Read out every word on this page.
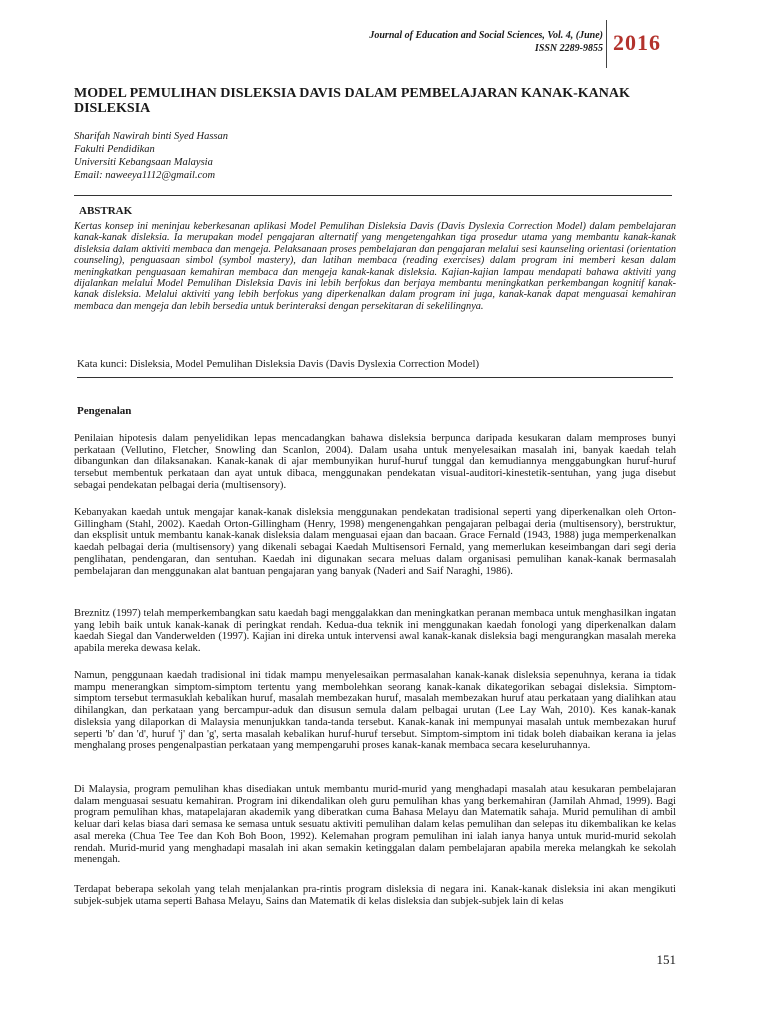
Journal of Education and Social Sciences, Vol. 4, (June)
ISSN 2289-9855 2016
MODEL PEMULIHAN DISLEKSIA DAVIS DALAM PEMBELAJARAN KANAK-KANAK DISLEKSIA
Sharifah Nawirah binti Syed Hassan
Fakulti Pendidikan
Universiti Kebangsaan Malaysia
Email: naweeya1112@gmail.com
ABSTRAK

Kertas konsep ini meninjau keberkesanan aplikasi Model Pemulihan Disleksia Davis (Davis Dyslexia Correction Model) dalam pembelajaran kanak-kanak disleksia. Ia merupakan model pengajaran alternatif yang mengetengahkan tiga prosedur utama yang membantu kanak-kanak disleksia dalam aktiviti membaca dan mengeja. Pelaksanaan proses pembelajaran dan pengajaran melalui sesi kaunseling orientasi (orientation counseling), penguasaan simbol (symbol mastery), dan latihan membaca (reading exercises) dalam program ini memberi kesan dalam meningkatkan penguasaan kemahiran membaca dan mengeja kanak-kanak disleksia. Kajian-kajian lampau mendapati bahawa aktiviti yang dijalankan melalui Model Pemulihan Disleksia Davis ini lebih berfokus dan berjaya membantu meningkatkan perkembangan kognitif kanak-kanak disleksia. Melalui aktiviti yang lebih berfokus yang diperkenalkan dalam program ini juga, kanak-kanak dapat menguasai kemahiran membaca dan mengeja dan lebih bersedia untuk berinteraksi dengan persekitaran di sekelilingnya.

Kata kunci: Disleksia, Model Pemulihan Disleksia Davis (Davis Dyslexia Correction Model)

Pengenalan

Penilaian hipotesis dalam penyelidikan lepas mencadangkan bahawa disleksia berpunca daripada kesukaran dalam memproses bunyi perkataan (Vellutino, Fletcher, Snowling dan Scanlon, 2004). Dalam usaha untuk menyelesaikan masalah ini, banyak kaedah telah dibangunkan dan dilaksanakan. Kanak-kanak di ajar membunyikan huruf-huruf tunggal dan kemudiannya menggabungkan huruf-huruf tersebut membentuk perkataan dan ayat untuk dibaca, menggunakan pendekatan visual-auditori-kinestetik-sentuhan, yang juga disebut sebagai pendekatan pelbagai deria (multisensory).

Kebanyakan kaedah untuk mengajar kanak-kanak disleksia menggunakan pendekatan tradisional seperti yang diperkenalkan oleh Orton-Gillingham (Stahl, 2002). Kaedah Orton-Gillingham (Henry, 1998) mengenengahkan pengajaran pelbagai deria (multisensory), berstruktur, dan eksplisit untuk membantu kanak-kanak disleksia dalam menguasai ejaan dan bacaan. Grace Fernald (1943, 1988) juga memperkenalkan kaedah pelbagai deria (multisensory) yang dikenali sebagai Kaedah Multisensori Fernald, yang memerlukan keseimbangan dari segi deria penglihatan, pendengaran, dan sentuhan. Kaedah ini digunakan secara meluas dalam organisasi pemulihan kanak-kanak bermasalah pembelajaran dan menggunakan alat bantuan pengajaran yang banyak (Naderi and Saif Naraghi, 1986).

Breznitz (1997) telah memperkembangkan satu kaedah bagi menggalakkan dan meningkatkan peranan membaca untuk menghasilkan ingatan yang lebih baik untuk kanak-kanak di peringkat rendah. Kedua-dua teknik ini menggunakan kaedah fonologi yang diperkenalkan dalam kaedah Siegal dan Vanderwelden (1997). Kajian ini direka untuk intervensi awal kanak-kanak disleksia bagi mengurangkan masalah mereka apabila mereka dewasa kelak.

Namun, penggunaan kaedah tradisional ini tidak mampu menyelesaikan permasalahan kanak-kanak disleksia sepenuhnya, kerana ia tidak mampu menerangkan simptom-simptom tertentu yang membolehkan seorang kanak-kanak dikategorikan sebagai disleksia. Simptom-simptom tersebut termasuklah kebalikan huruf, masalah membezakan huruf, masalah membezakan huruf atau perkataan yang dialihkan atau dihilangkan, dan perkataan yang bercampur-aduk dan disusun semula dalam pelbagai urutan (Lee Lay Wah, 2010). Kes kanak-kanak disleksia yang dilaporkan di Malaysia menunjukkan tanda-tanda tersebut. Kanak-kanak ini mempunyai masalah untuk membezakan huruf seperti 'b' dan 'd', huruf 'j' dan 'g', serta masalah kebalikan huruf-huruf tersebut. Simptom-simptom ini tidak boleh diabaikan kerana ia jelas menghalang proses pengenalpastian perkataan yang mempengaruhi proses kanak-kanak membaca secara keseluruhannya.

Di Malaysia, program pemulihan khas disediakan untuk membantu murid-murid yang menghadapi masalah atau kesukaran pembelajaran dalam menguasai sesuatu kemahiran. Program ini dikendalikan oleh guru pemulihan khas yang berkemahiran (Jamilah Ahmad, 1999). Bagi program pemulihan khas, matapelajaran akademik yang diberatkan cuma Bahasa Melayu dan Matematik sahaja. Murid pemulihan di ambil keluar dari kelas biasa dari semasa ke semasa untuk sesuatu aktiviti pemulihan dalam kelas pemulihan dan selepas itu dikembalikan ke kelas asal mereka (Chua Tee Tee dan Koh Boh Boon, 1992). Kelemahan program pemulihan ini ialah ianya hanya untuk murid-murid sekolah rendah. Murid-murid yang menghadapi masalah ini akan semakin ketinggalan dalam pembelajaran apabila mereka melangkah ke sekolah menengah.

Terdapat beberapa sekolah yang telah menjalankan pra-rintis program disleksia di negara ini. Kanak-kanak disleksia ini akan mengikuti subjek-subjek utama seperti Bahasa Melayu, Sains dan Matematik di kelas disleksia dan subjek-subjek lain di kelas

151
